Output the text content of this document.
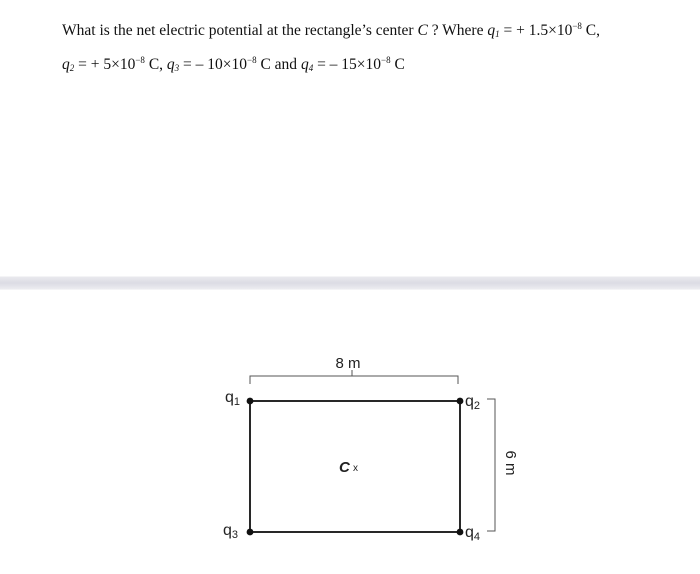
What is the net electric potential at the rectangle’s center C ? Where $q_1$ = + $1.5\times 10^{-8}$ C,
$q_2$ = + $5\times 10^{-8}$ C, $q_3$ = – $10\times 10^{-8}$ C and $q_4$ = – $15\times 10^{-8}$ C
8 m
6 m
q1	q2
q3	q4
C x
